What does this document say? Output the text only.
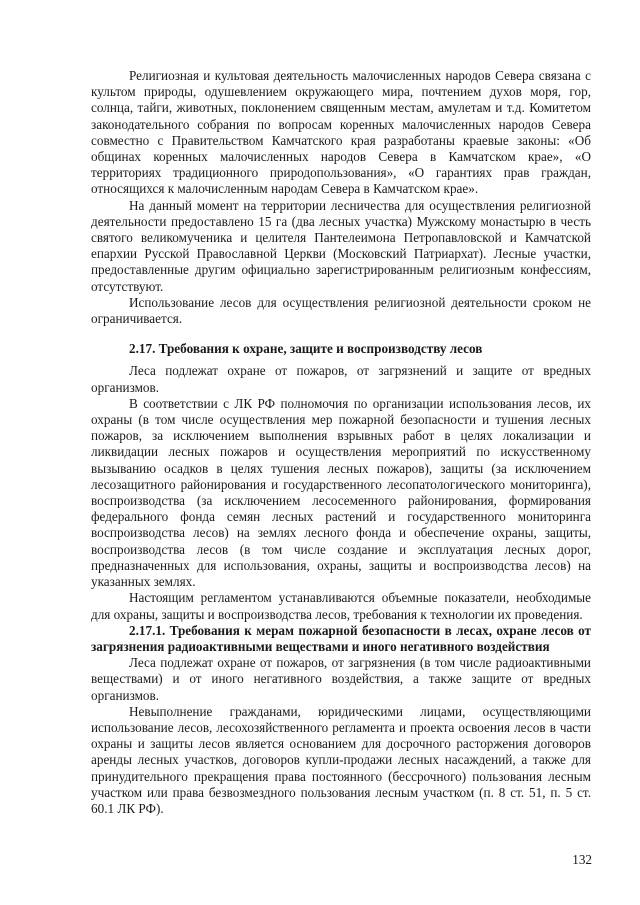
Религиозная и культовая деятельность малочисленных народов Севера связана с культом природы, одушевлением окружающего мира, почтением духов моря, гор, солнца, тайги, животных, поклонением священным местам, амулетам и т.д. Комитетом законодательного собрания по вопросам коренных малочисленных народов Севера совместно с Правительством Камчатского края разработаны краевые законы: «Об общинах коренных малочисленных народов Севера в Камчатском крае», «О территориях традиционного природопользования», «О гарантиях прав граждан, относящихся к малочисленным народам Севера в Камчатском крае».

На данный момент на территории лесничества для осуществления религиозной деятельности предоставлено 15 га (два лесных участка) Мужскому монастырю в честь святого великомученика и целителя Пантелеимона Петропавловской и Камчатской епархии Русской Православной Церкви (Московский Патриархат). Лесные участки, предоставленные другим официально зарегистрированным религиозным конфессиям, отсутствуют.

Использование лесов для осуществления религиозной деятельности сроком не ограничивается.

2.17. Требования к охране, защите и воспроизводству лесов

Леса подлежат охране от пожаров, от загрязнений и защите от вредных организмов.

В соответствии с ЛК РФ полномочия по организации использования лесов, их охраны (в том числе осуществления мер пожарной безопасности и тушения лесных пожаров, за исключением выполнения взрывных работ в целях локализации и ликвидации лесных пожаров и осуществления мероприятий по искусственному вызыванию осадков в целях тушения лесных пожаров), защиты (за исключением лесозащитного районирования и государственного лесопатологического мониторинга), воспроизводства (за исключением лесосеменного районирования, формирования федерального фонда семян лесных растений и государственного мониторинга воспроизводства лесов) на землях лесного фонда и обеспечение охраны, защиты, воспроизводства лесов (в том числе создание и эксплуатация лесных дорог, предназначенных для использования, охраны, защиты и воспроизводства лесов) на указанных землях.

Настоящим регламентом устанавливаются объемные показатели, необходимые для охраны, защиты и воспроизводства лесов, требования к технологии их проведения.

2.17.1. Требования к мерам пожарной безопасности в лесах, охране лесов от загрязнения радиоактивными веществами и иного негативного воздействия

Леса подлежат охране от пожаров, от загрязнения (в том числе радиоактивными веществами) и от иного негативного воздействия, а также защите от вредных организмов.

Невыполнение гражданами, юридическими лицами, осуществляющими использование лесов, лесохозяйственного регламента и проекта освоения лесов в части охраны и защиты лесов является основанием для досрочного расторжения договоров аренды лесных участков, договоров купли-продажи лесных насаждений, а также для принудительного прекращения права постоянного (бессрочного) пользования лесным участком или права безвозмездного пользования лесным участком (п. 8 ст. 51, п. 5 ст. 60.1 ЛК РФ).

132
